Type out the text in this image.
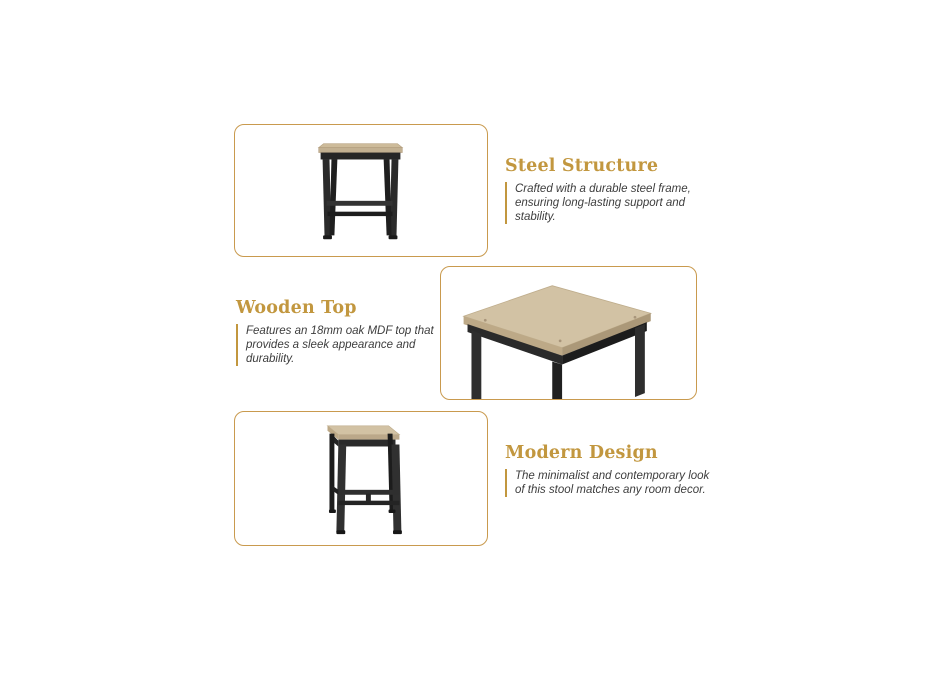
Steel Structure

Crafted with a durable steel frame, ensuring long-lasting support and stability.

Wooden Top

Features an 18mm oak MDF top that provides a sleek appearance and durability.

Modern Design

The minimalist and contemporary look of this stool matches any room decor.
